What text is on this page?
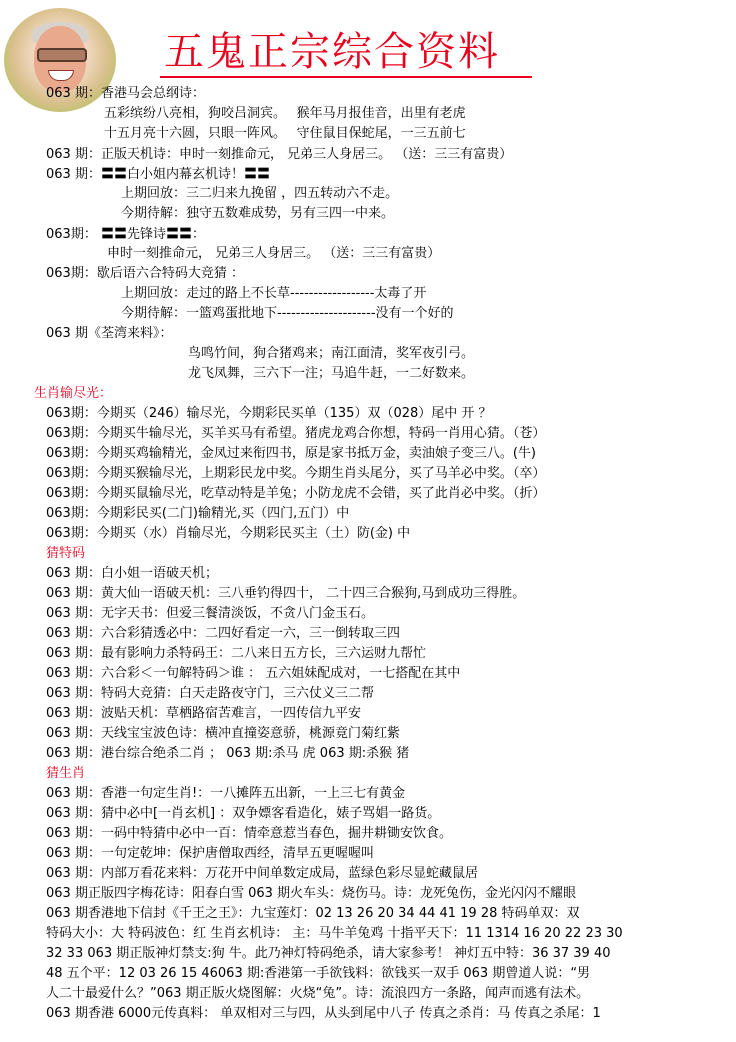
五鬼正宗综合资料
063 期：香港马会总纲诗：
五彩缤纷八亮相，狗咬吕洞宾。　 猴年马月报佳音，出里有老虎
十五月亮十六圆，只眼一阵风。　 守住鼠目保蛇尾，一三五前七
063 期：正版天机诗：申时一刻推命元， 兄弟三人身居三。 （送：三三有富贵）
063 期：〓〓白小姐内幕玄机诗！〓〓
上期回放：三二归来九挽留 ，四五转动六不走。
今期待解：独守五数难成势，另有三四一中来。
063期： 〓〓先锋诗〓〓：
申时一刻推命元， 兄弟三人身居三。 （送：三三有富贵）
063期：歇后语六合特码大竞猜 ：
上期回放：走过的路上不长草------------------太毒了开
今期待解：一篮鸡蛋批地下---------------------没有一个好的
063 期《荃湾来料》：
鸟鸣竹间，狗合猪鸡来；南江面清，奖军夜引弓。
龙飞凤舞，三六下一注；马追牛赶，一二好数来。
生肖输尽光：
063期：今期买（246）输尽光，今期彩民买单（135）双（028）尾中 开 ？
063期：今期买牛输尽光，买羊买马有希望。猪虎龙鸡合你想，特码一肖用心猜。（苍）
063期：今期买鸡输精光，金凤过来衔四书，原是家书抵万金，卖油娘子变三八。(牛)
063期：今期买猴输尽光，上期彩民龙中奖。今期生肖头尾分，买了马羊必中奖。（卒）
063期：今期买鼠输尽光，吃草动特是羊兔；小防龙虎不会错，买了此肖必中奖。（折）
063期：今期彩民买(二门)输精光,买（四门,五门）中
063期：今期买（水）肖输尽光，今期彩民买主（土）防(金) 中
猜特码
063 期：白小姐一语破天机；
063 期：黄大仙一语破天机：三八垂钓得四十， 二十四三合猴狗,马到成功三得胜。
063 期：无字天书：但爱三餐清淡饭，不贪八门金玉石。
063 期：六合彩猜透必中：二四好看定一六，三一倒转取三四
063 期：最有影响力杀特码王：二八来日五方长，三六运财九帮忙
063 期：六合彩＜一句解特码＞谁 ： 五六姐妹配成对，一七搭配在其中
063 期：特码大竞猜：白天走路夜守门，三六仗义三二帮
063 期：波贴天机：草栖路宿苦难言，一四传信九平安
063 期：天线宝宝波色诗：横冲直撞姿意骄，桃源竟门菊红紫
063 期：港台综合绝杀二肖 ； 063 期:杀马 虎 063 期:杀猴 猪
猜生肖
063 期：香港一句定生肖!：一八摊阵五出新，一上三七有黄金
063 期：猜中必中[一肖玄机] ：双争嫖客看造化，婊子骂娼一路货。
063 期：一码中特猜中必中一百：情牵意惹当春色，掘井耕锄安饮食。
063 期：一句定乾坤：保护唐僧取西经，清早五更喔喔叫
063 期：内部万看花来料：万花开中间单数定成局，蓝绿色彩尽显蛇藏鼠居
063 期正版四字梅花诗：阳春白雪 063 期火车头：烧伤马。诗：龙死兔伤，金光闪闪不耀眼
063 期香港地下信封《千王之王》：九宝莲灯：02 13 26 20 34 44 41 19 28 特码单双：双
特码大小：大 特码波色：红 生肖玄机诗： 主：马牛羊兔鸡 十指平天下：11 1314 16 20 22 23 30
32 33 063 期正版神灯禁支:狗 牛。此乃神灯特码绝杀，请大家参考！ 神灯五中特：36 37 39 40
48 五个平：12 03 26 15 46063 期:香港第一手欲钱料：欲钱买一双手 063 期曾道人说：“男
人二十最爱什么？”063 期正版火烧图解：火烧“兔”。诗：流浪四方一条路，闻声而逃有法术。
063 期香港 6000元传真料： 单双相对三与四，从头到尾中八子 传真之杀肖：马 传真之杀尾：1
